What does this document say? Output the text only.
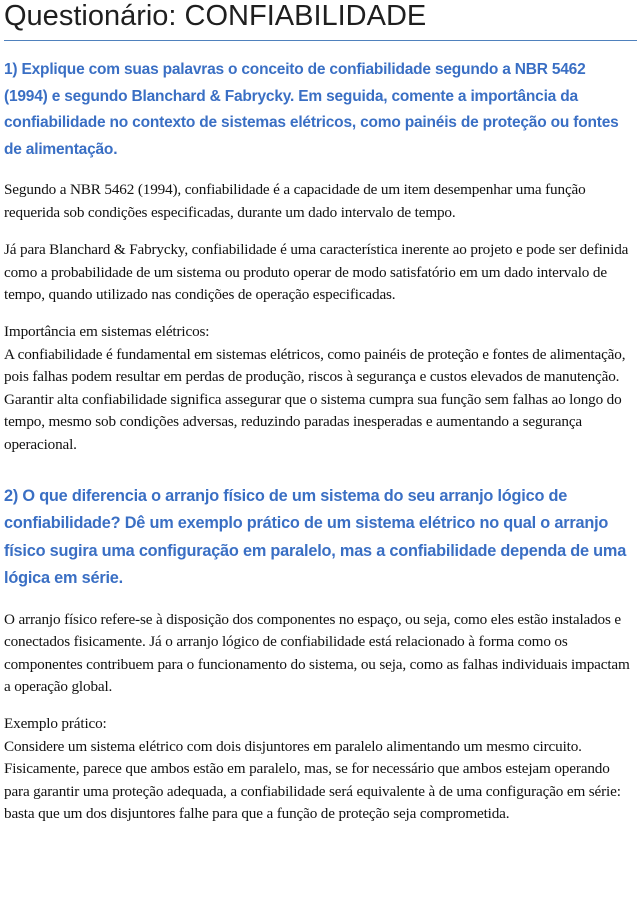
Questionário: CONFIABILIDADE

1) Explique com suas palavras o conceito de confiabilidade segundo a NBR 5462 (1994) e segundo Blanchard & Fabrycky. Em seguida, comente a importância da confiabilidade no contexto de sistemas elétricos, como painéis de proteção ou fontes de alimentação.

Segundo a NBR 5462 (1994), confiabilidade é a capacidade de um item desempenhar uma função requerida sob condições especificadas, durante um dado intervalo de tempo.

Já para Blanchard & Fabrycky, confiabilidade é uma característica inerente ao projeto e pode ser definida como a probabilidade de um sistema ou produto operar de modo satisfatório em um dado intervalo de tempo, quando utilizado nas condições de operação especificadas.

Importância em sistemas elétricos:
A confiabilidade é fundamental em sistemas elétricos, como painéis de proteção e fontes de alimentação, pois falhas podem resultar em perdas de produção, riscos à segurança e custos elevados de manutenção. Garantir alta confiabilidade significa assegurar que o sistema cumpra sua função sem falhas ao longo do tempo, mesmo sob condições adversas, reduzindo paradas inesperadas e aumentando a segurança operacional.

2) O que diferencia o arranjo físico de um sistema do seu arranjo lógico de confiabilidade? Dê um exemplo prático de um sistema elétrico no qual o arranjo físico sugira uma configuração em paralelo, mas a confiabilidade dependa de uma lógica em série.

O arranjo físico refere-se à disposição dos componentes no espaço, ou seja, como eles estão instalados e conectados fisicamente. Já o arranjo lógico de confiabilidade está relacionado à forma como os componentes contribuem para o funcionamento do sistema, ou seja, como as falhas individuais impactam a operação global.

Exemplo prático:
Considere um sistema elétrico com dois disjuntores em paralelo alimentando um mesmo circuito. Fisicamente, parece que ambos estão em paralelo, mas, se for necessário que ambos estejam operando para garantir uma proteção adequada, a confiabilidade será equivalente à de uma configuração em série: basta que um dos disjuntores falhe para que a função de proteção seja comprometida.
